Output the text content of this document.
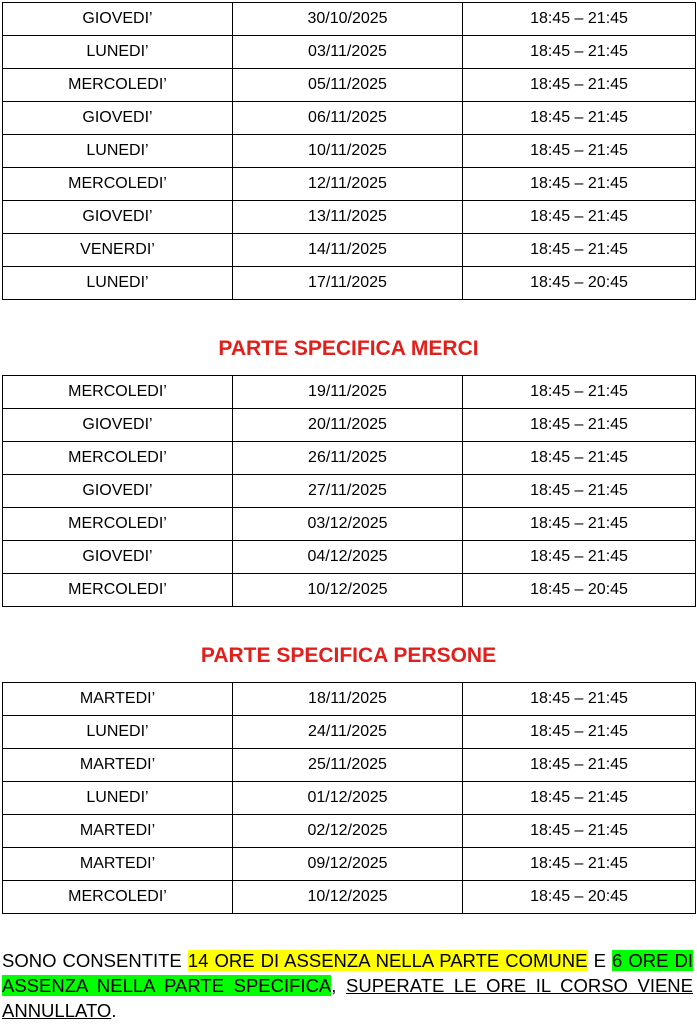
GIOVEDI’	30/10/2025	18:45 – 21:45
LUNEDI’	03/11/2025	18:45 – 21:45
MERCOLEDI’	05/11/2025	18:45 – 21:45
GIOVEDI’	06/11/2025	18:45 – 21:45
LUNEDI’	10/11/2025	18:45 – 21:45
MERCOLEDI’	12/11/2025	18:45 – 21:45
GIOVEDI’	13/11/2025	18:45 – 21:45
VENERDI’	14/11/2025	18:45 – 21:45
LUNEDI’	17/11/2025	18:45 – 20:45
PARTE SPECIFICA MERCI
MERCOLEDI’	19/11/2025	18:45 – 21:45
GIOVEDI’	20/11/2025	18:45 – 21:45
MERCOLEDI’	26/11/2025	18:45 – 21:45
GIOVEDI’	27/11/2025	18:45 – 21:45
MERCOLEDI’	03/12/2025	18:45 – 21:45
GIOVEDI’	04/12/2025	18:45 – 21:45
MERCOLEDI’	10/12/2025	18:45 – 20:45
PARTE SPECIFICA PERSONE
MARTEDI’	18/11/2025	18:45 – 21:45
LUNEDI’	24/11/2025	18:45 – 21:45
MARTEDI’	25/11/2025	18:45 – 21:45
LUNEDI’	01/12/2025	18:45 – 21:45
MARTEDI’	02/12/2025	18:45 – 21:45
MARTEDI’	09/12/2025	18:45 – 21:45
MERCOLEDI’	10/12/2025	18:45 – 20:45
SONO CONSENTITE 14 ORE DI ASSENZA NELLA PARTE COMUNE E 6 ORE DI ASSENZA NELLA PARTE SPECIFICA, SUPERATE LE ORE IL CORSO VIENE ANNULLATO.
